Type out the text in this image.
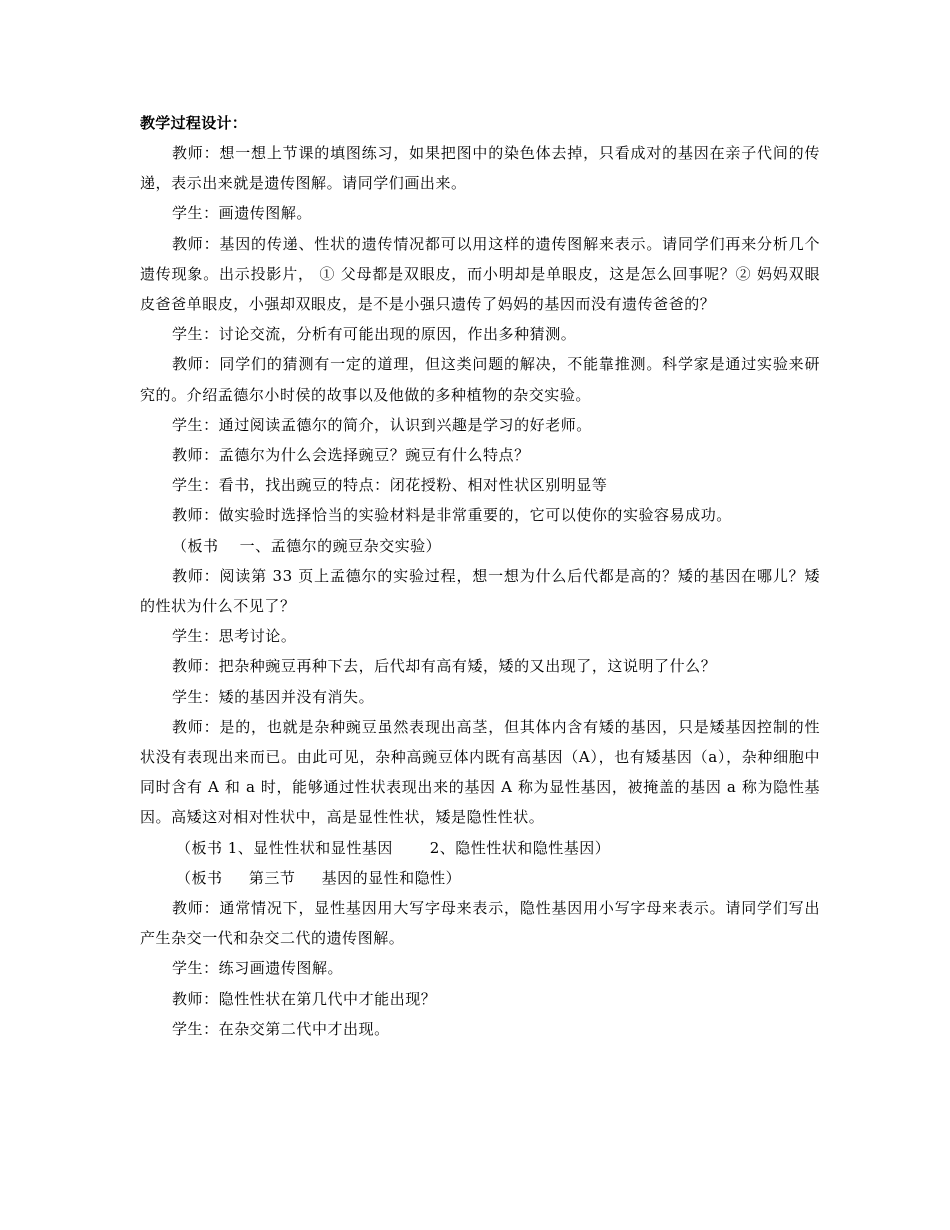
教学过程设计：

教师：想一想上节课的填图练习，如果把图中的染色体去掉，只看成对的基因在亲子代间的传递，表示出来就是遗传图解。请同学们画出来。

学生：画遗传图解。

教师：基因的传递、性状的遗传情况都可以用这样的遗传图解来表示。请同学们再来分析几个遗传现象。出示投影片， ① 父母都是双眼皮，而小明却是单眼皮，这是怎么回事呢？② 妈妈双眼皮爸爸单眼皮，小强却双眼皮，是不是小强只遗传了妈妈的基因而没有遗传爸爸的？

学生：讨论交流，分析有可能出现的原因，作出多种猜测。

教师：同学们的猜测有一定的道理，但这类问题的解决，不能靠推测。科学家是通过实验来研究的。介绍孟德尔小时侯的故事以及他做的多种植物的杂交实验。

学生：通过阅读孟德尔的简介，认识到兴趣是学习的好老师。

教师：孟德尔为什么会选择豌豆？豌豆有什么特点？

学生：看书，找出豌豆的特点：闭花授粉、相对性状区别明显等

教师：做实验时选择恰当的实验材料是非常重要的，它可以使你的实验容易成功。

（板书    一、孟德尔的豌豆杂交实验）

教师：阅读第 33 页上孟德尔的实验过程，想一想为什么后代都是高的？矮的基因在哪儿？矮的性状为什么不见了？

学生：思考讨论。

教师：把杂种豌豆再种下去，后代却有高有矮，矮的又出现了，这说明了什么？

学生：矮的基因并没有消失。

教师：是的，也就是杂种豌豆虽然表现出高茎，但其体内含有矮的基因，只是矮基因控制的性状没有表现出来而已。由此可见，杂种高豌豆体内既有高基因（A），也有矮基因（a），杂种细胞中同时含有 A 和 a 时，能够通过性状表现出来的基因 A 称为显性基因，被掩盖的基因 a 称为隐性基因。高矮这对相对性状中，高是显性性状，矮是隐性性状。

（板书 1、显性性状和显性基因       2、隐性性状和隐性基因）

（板书     第三节     基因的显性和隐性）

教师：通常情况下，显性基因用大写字母来表示，隐性基因用小写字母来表示。请同学们写出产生杂交一代和杂交二代的遗传图解。

学生：练习画遗传图解。

教师：隐性性状在第几代中才能出现？

学生：在杂交第二代中才出现。
